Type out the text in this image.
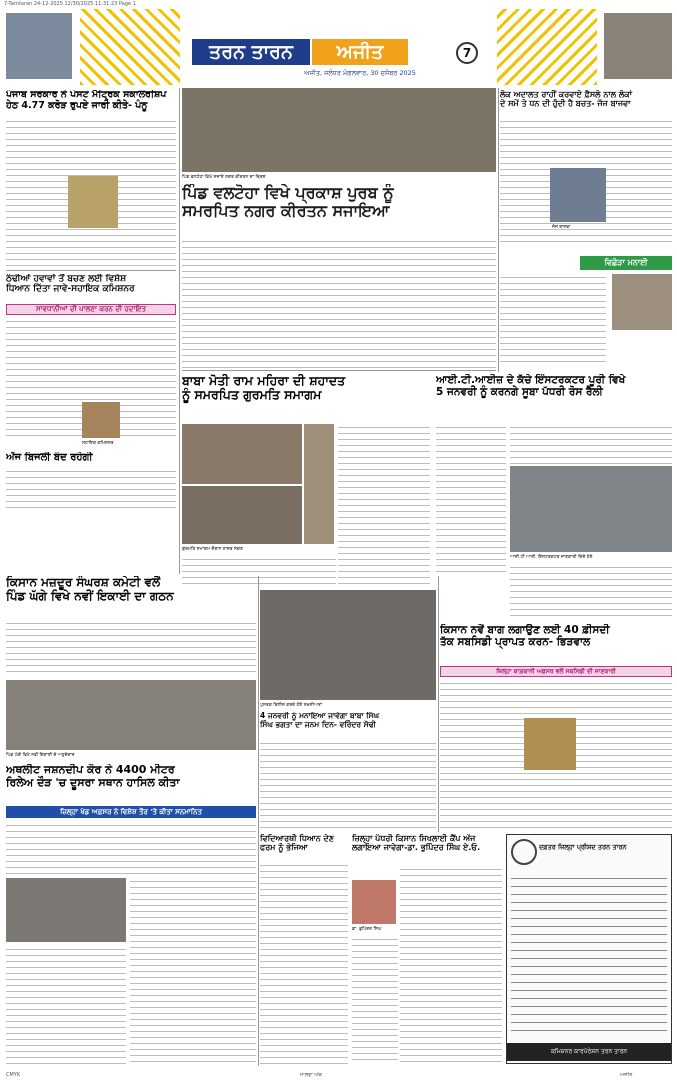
7-Tarntaran 24-12-2025 12/30/2025 11:31:23 Page 1
ਤਰਨ ਤਾਰਨ	ਅਜੀਤ	7
ਅਜੀਤ, ਜਲੰਧਰ ਮੰਗਲਵਾਰ, 30 ਦਸੰਬਰ 2025
ਪੰਜਾਬ ਸਰਕਾਰ ਨੇ ਪੋਸਟ ਮੈਟ੍ਰਿਕ ਸਕਾਲਰਸ਼ਿਪ
ਹੇਠ 4.77 ਕਰੋੜ ਰੁਪਏ ਜਾਰੀ ਕੀਤੇ- ਪੰਨੂ
ਠੰਢੀਆਂ ਹਵਾਵਾਂ ਤੋਂ ਬਚਣ ਲਈ ਵਿਸ਼ੇਸ਼
ਧਿਆਨ ਦਿੱਤਾ ਜਾਵੇ-ਸਹਾਇਕ ਕਮਿਸ਼ਨਰ
ਸਾਵਧਾਨੀਆਂ ਦੀ ਪਾਲਣਾ ਕਰਨ ਦੀ ਹਦਾਇਤ
ਸਹਾਇਕ ਕਮਿਸ਼ਨਰ
ਅੱਜ ਬਿਜਲੀ ਬੰਦ ਰਹੇਗੀ
ਪਿੰਡ ਵਲਟੋਹਾ ਵਿਖੇ ਸਜਾਏ ਨਗਰ ਕੀਰਤਨ ਦਾ ਦ੍ਰਿਸ਼
ਪਿੰਡ ਵਲਟੋਹਾ ਵਿਖੇ ਪ੍ਰਕਾਸ਼ ਪੁਰਬ ਨੂੰ
ਸਮਰਪਿਤ ਨਗਰ ਕੀਰਤਨ ਸਜਾਇਆ
ਲੋਕ ਅਦਾਲਤ ਰਾਹੀਂ ਕਰਵਾਏ ਫ਼ੈਸਲੇ ਨਾਲ ਲੋਕਾਂ
ਦੇ ਸਮੇਂ ਤੇ ਧਨ ਦੀ ਹੁੰਦੀ ਹੈ ਬਚਤ- ਜੱਜ ਬਾਜਵਾ
ਜੱਜ ਬਾਜਵਾ
ਵਿਛੋੜਾ ਮਨਾਈ
ਬਾਬਾ ਮੋਤੀ ਰਾਮ ਮਹਿਰਾ ਦੀ ਸ਼ਹਾਦਤ
ਨੂੰ ਸਮਰਪਿਤ ਗੁਰਮਤਿ ਸਮਾਗਮ
ਗੁਰਮਤਿ ਸਮਾਗਮ ਦੌਰਾਨ ਹਾਜ਼ਰ ਸੰਗਤ
ਆਈ.ਟੀ.ਆਈਜ਼ ਦੇ ਕੱਚੇ ਇੰਸਟਰਕਟਰ ਪੂਰੀ ਵਿਖੇ
5 ਜਨਵਰੀ ਨੂੰ ਕਰਨਗੇ ਸੂਬਾ ਪੱਧਰੀ ਰੋਸ ਰੈਲੀ
ਆਈ.ਟੀ.ਆਈ. ਇੰਸਟਰਕਟਰ ਜਾਣਕਾਰੀ ਦਿੰਦੇ ਹੋਏ
ਕਿਸਾਨ ਮਜ਼ਦੂਰ ਸੰਘਰਸ਼ ਕਮੇਟੀ ਵਲੋਂ
ਪਿੰਡ ਘੱਗੇ ਵਿਖੇ ਨਵੀਂ ਇਕਾਈ ਦਾ ਗਠਨ
ਪਿੰਡ ਘੱਗੇ ਵਿਖੇ ਨਵੀਂ ਇਕਾਈ ਦੇ ਅਹੁਦੇਦਾਰ
ਪੁਸਤਕ ਰਿਲੀਜ਼ ਕਰਦੇ ਹੋਏ ਸ਼ਖ਼ਸੀਅਤਾਂ
4 ਜਨਵਰੀ ਨੂੰ ਮਨਾਇਆ ਜਾਵੇਗਾ ਬਾਬਾ ਸਿੰਘ
ਸਿੰਘ ਭਗਤਾ ਦਾ ਜਨਮ ਦਿਨ- ਵਰਿੰਦਰ ਸੋਢੀ
ਕਿਸਾਨ ਨਵੇਂ ਬਾਗ ਲਗਾਉਣ ਲਈ 40 ਫ਼ੀਸਦੀ
ਤੱਕ ਸਬਸਿਡੀ ਪ੍ਰਾਪਤ ਕਰਨ- ਭਿੜਵਾਲ
ਜ਼ਿਲ੍ਹਾ ਬਾਗ਼ਬਾਨੀ ਅਫ਼ਸਰ ਵਲੋਂ ਸਬਸਿਡੀ ਦੀ ਜਾਣਕਾਰੀ
ਅਥਲੀਟ ਜਸ਼ਨਦੀਪ ਕੌਰ ਨੇ 4400 ਮੀਟਰ
ਰਿਲੇਅ ਦੌੜ 'ਚ ਦੂਸਰਾ ਸਥਾਨ ਹਾਸਿਲ ਕੀਤਾ
ਜ਼ਿਲ੍ਹਾ ਖੇਡ ਅਫ਼ਸਰ ਨੇ ਵਿਸ਼ੇਸ਼ ਤੌਰ 'ਤੇ ਕੀਤਾ ਸਨਮਾਨਿਤ
ਵਿਦਿਆਰਥੀ ਧਿਆਨ ਦੇਣ
ਫਰਮ ਨੂੰ ਭੇਜਿਆ
ਜ਼ਿਲ੍ਹਾ ਪੱਧਰੀ ਕਿਸਾਨ ਸਿਖਲਾਈ ਕੈਂਪ ਅੱਜ
ਲਗਾਇਆ ਜਾਵੇਗਾ-ਡਾ. ਭੁਪਿੰਦਰ ਸਿੰਘ ਏ.ਓ.
ਡਾ. ਭੁਪਿੰਦਰ ਸਿੰਘ
ਦਫ਼ਤਰ ਜ਼ਿਲ੍ਹਾ ਪ੍ਰੀਸ਼ਦ ਤਰਨ ਤਾਰਨ
ਕਮਿਸ਼ਨਰ ਕਾਰਪੋਰੇਸ਼ਨ ਤਰਨ ਤਾਰਨ
CMYK	ਮਾਲਵਾ ਅੰਕ	ਅਜੀਤ
